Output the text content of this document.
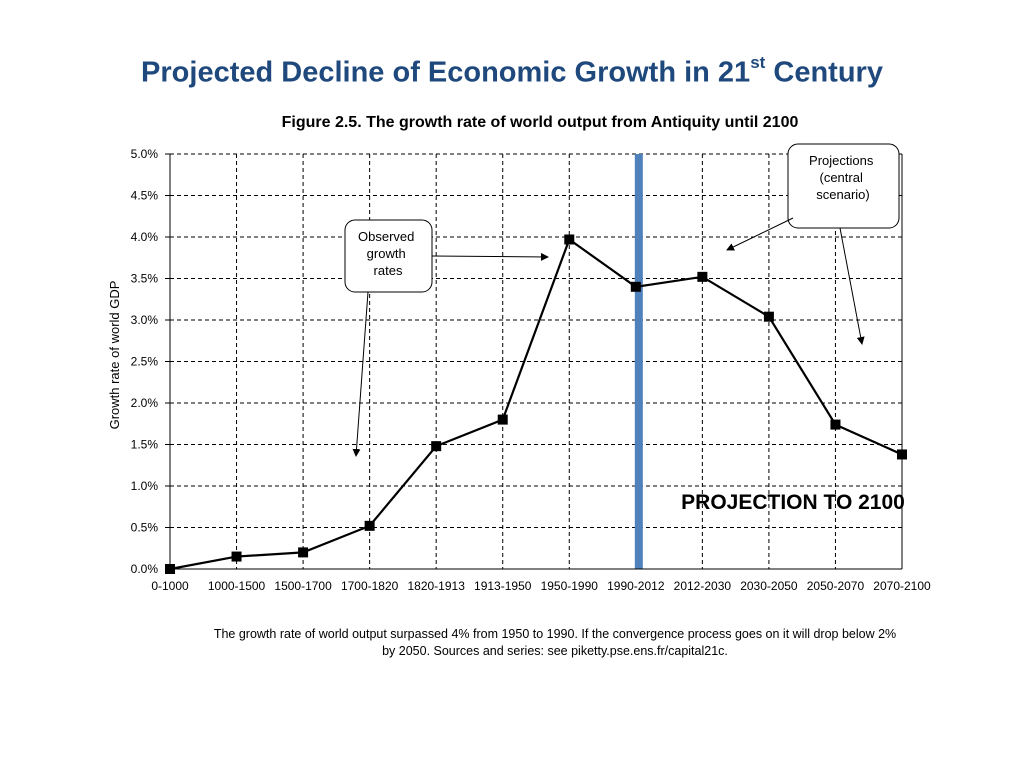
Projected Decline of Economic Growth in 21st Century
Figure 2.5. The growth rate of world output from Antiquity until 2100
0.0%
0.5%
1.0%
1.5%
2.0%
2.5%
3.0%
3.5%
4.0%
4.5%
5.0%
0-1000 1000-1500 1500-1700 1700-1820 1820-1913 1913-1950 1950-1990 1990-2012 2012-2030 2030-2050 2050-2070 2070-2100
Growth rate of world GDP
Observed growth rates
Projections (central scenario)
PROJECTION TO 2100

The growth rate of world output surpassed 4% from 1950 to 1990. If the convergence process goes on it will drop below 2% by 2050. Sources and series: see piketty.pse.ens.fr/capital21c.
